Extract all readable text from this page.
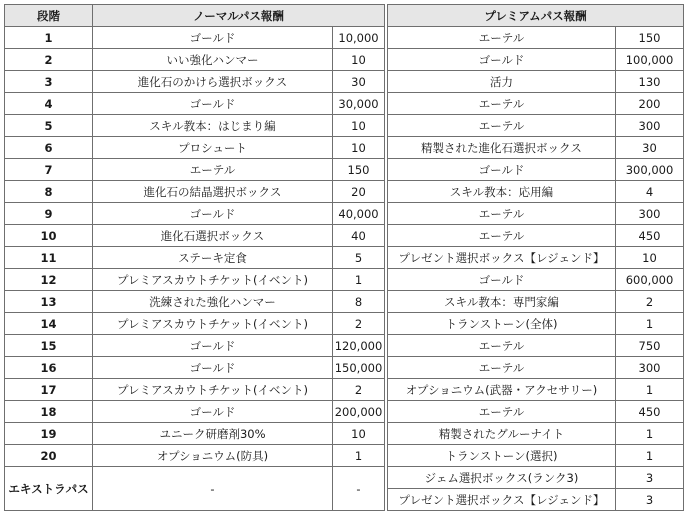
段階	ノーマルパス報酬			プレミアムパス報酬	
1	ゴールド	10,000		エーテル	150
2	いい強化ハンマー	10		ゴールド	100,000
3	進化石のかけら選択ボックス	30		活力	130
4	ゴールド	30,000		エーテル	200
5	スキル教本：はじまり編	10		エーテル	300
6	プロシュート	10		精製された進化石選択ボックス	30
7	エーテル	150		ゴールド	300,000
8	進化石の結晶選択ボックス	20		スキル教本：応用編	4
9	ゴールド	40,000		エーテル	300
10	進化石選択ボックス	40		エーテル	450
11	ステーキ定食	5		プレゼント選択ボックス【レジェンド】	10
12	プレミアスカウトチケット(イベント)	1		ゴールド	600,000
13	洗練された強化ハンマー	8		スキル教本：専門家編	2
14	プレミアスカウトチケット(イベント)	2		トランストーン(全体)	1
15	ゴールド	120,000		エーテル	750
16	ゴールド	150,000		エーテル	300
17	プレミアスカウトチケット(イベント)	2		オプショニウム(武器・アクセサリー)	1
18	ゴールド	200,000		エーテル	450
19	ユニーク研磨剤30%	10		精製されたグルーナイト	1
20	オプショニウム(防具)	1		トランストーン(選択)	1
エキストラパス	-	-		ジェム選択ボックス(ランク3)	3
				プレゼント選択ボックス【レジェンド】	3
